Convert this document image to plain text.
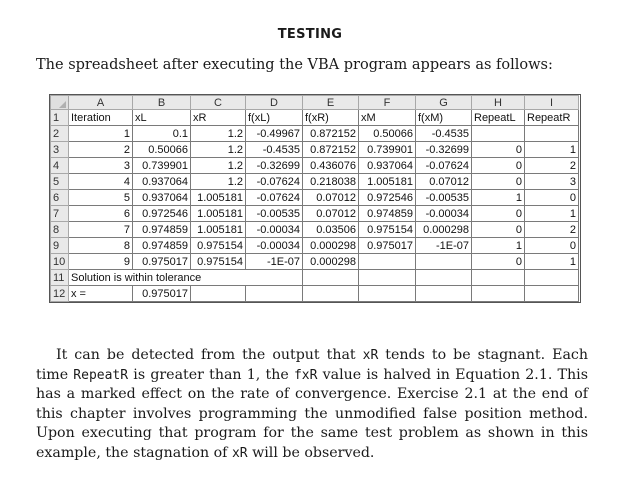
TESTING
The spreadsheet after executing the VBA program appears as follows:
	A	B	C	D	E	F	G	H	I
1	Iteration	xL	xR	f(xL)	f(xR)	xM	f(xM)	RepeatL	RepeatR
2	1	0.1	1.2	-0.49967	0.872152	0.50066	-0.4535		
3	2	0.50066	1.2	-0.4535	0.872152	0.739901	-0.32699	0	1
4	3	0.739901	1.2	-0.32699	0.436076	0.937064	-0.07624	0	2
5	4	0.937064	1.2	-0.07624	0.218038	1.005181	0.07012	0	3
6	5	0.937064	1.005181	-0.07624	0.07012	0.972546	-0.00535	1	0
7	6	0.972546	1.005181	-0.00535	0.07012	0.974859	-0.00034	0	1
8	7	0.974859	1.005181	-0.00034	0.03506	0.975154	0.000298	0	2
9	8	0.974859	0.975154	-0.00034	0.000298	0.975017	-1E-07	1	0
10	9	0.975017	0.975154	-1E-07	0.000298			0	1
11	Solution is within tolerance								
12	x =	0.975017							
It can be detected from the output that xR tends to be stagnant. Each time RepeatR is greater than 1, the fxR value is halved in Equation 2.1. This has a marked effect on the rate of convergence. Exercise 2.1 at the end of this chapter involves programming the unmodified false position method. Upon executing that program for the same test problem as shown in this example, the stagnation of xR will be observed.
